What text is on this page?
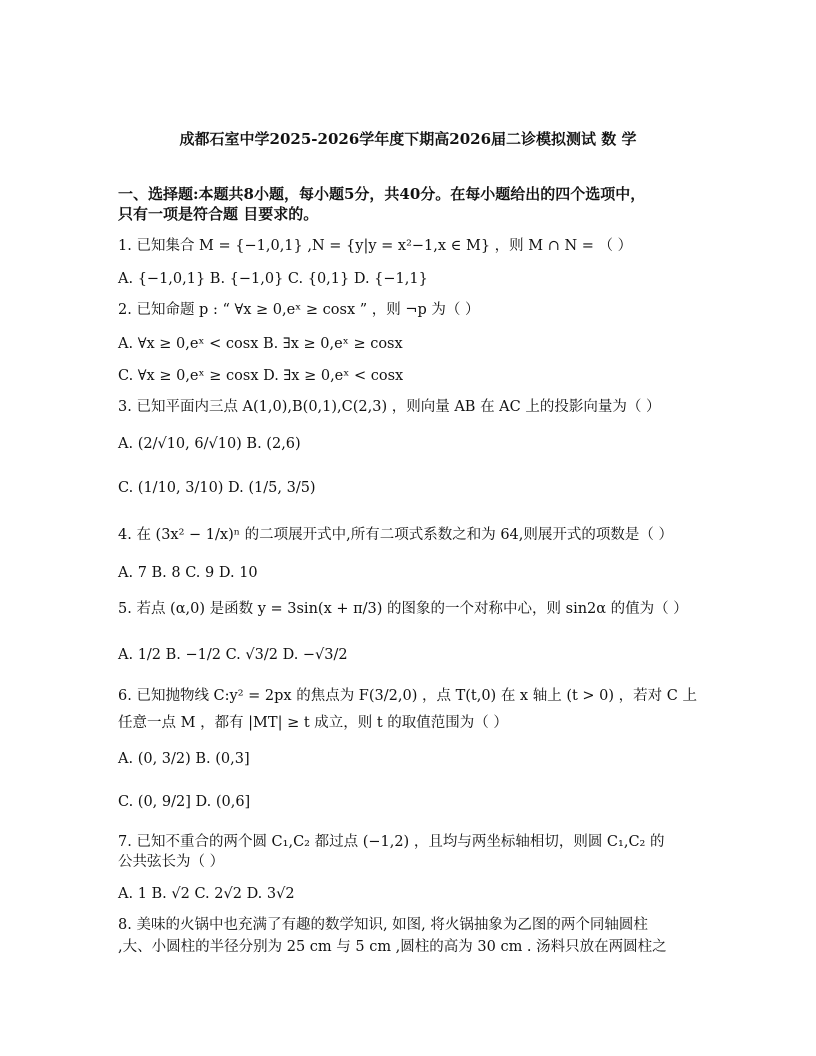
成都石室中学2025-2026学年度下期高2026届二诊模拟测试 数 学
一、选择题:本题共8小题，每小题5分，共40分。在每小题给出的四个选项中，
只有一项是符合题 目要求的。
1. 已知集合 M = {−1,0,1} ,N = {y|y = x²−1,x ∈ M} ，则 M ∩ N = （ ）
A. {−1,0,1} B. {−1,0} C. {0,1} D. {−1,1}
2. 已知命题 p : “ ∀x ≥ 0,eˣ ≥ cosx ” ，则 ¬p 为（ ）
A. ∀x ≥ 0,eˣ < cosx B. ∃x ≥ 0,eˣ ≥ cosx
C. ∀x ≥ 0,eˣ ≥ cosx D. ∃x ≥ 0,eˣ < cosx
3. 已知平面内三点 A(1,0),B(0,1),C(2,3) ，则向量 AB 在 AC 上的投影向量为（ ）
A. (2/√10, 6/√10) B. (2,6)
C. (1/10, 3/10) D. (1/5, 3/5)
4. 在 (3x² − 1/x)ⁿ 的二项展开式中,所有二项式系数之和为 64,则展开式的项数是（ ）
A. 7 B. 8 C. 9 D. 10
5. 若点 (α,0) 是函数 y = 3sin(x + π/3) 的图象的一个对称中心，则 sin2α 的值为（ ）
A. 1/2 B. −1/2 C. √3/2 D. −√3/2
6. 已知抛物线 C:y² = 2px 的焦点为 F(3/2,0) ，点 T(t,0) 在 x 轴上 (t > 0) ，若对 C 上
任意一点 M ，都有 |MT| ≥ t 成立，则 t 的取值范围为（ ）
A. (0, 3/2) B. (0,3]
C. (0, 9/2] D. (0,6]
7. 已知不重合的两个圆 C₁,C₂ 都过点 (−1,2) ，且均与两坐标轴相切，则圆 C₁,C₂ 的
公共弦长为（ ）
A. 1 B. √2 C. 2√2 D. 3√2
8. 美味的火锅中也充满了有趣的数学知识, 如图, 将火锅抽象为乙图的两个同轴圆柱
,大、小圆柱的半径分别为 25 cm 与 5 cm ,圆柱的高为 30 cm . 汤料只放在两圆柱之
